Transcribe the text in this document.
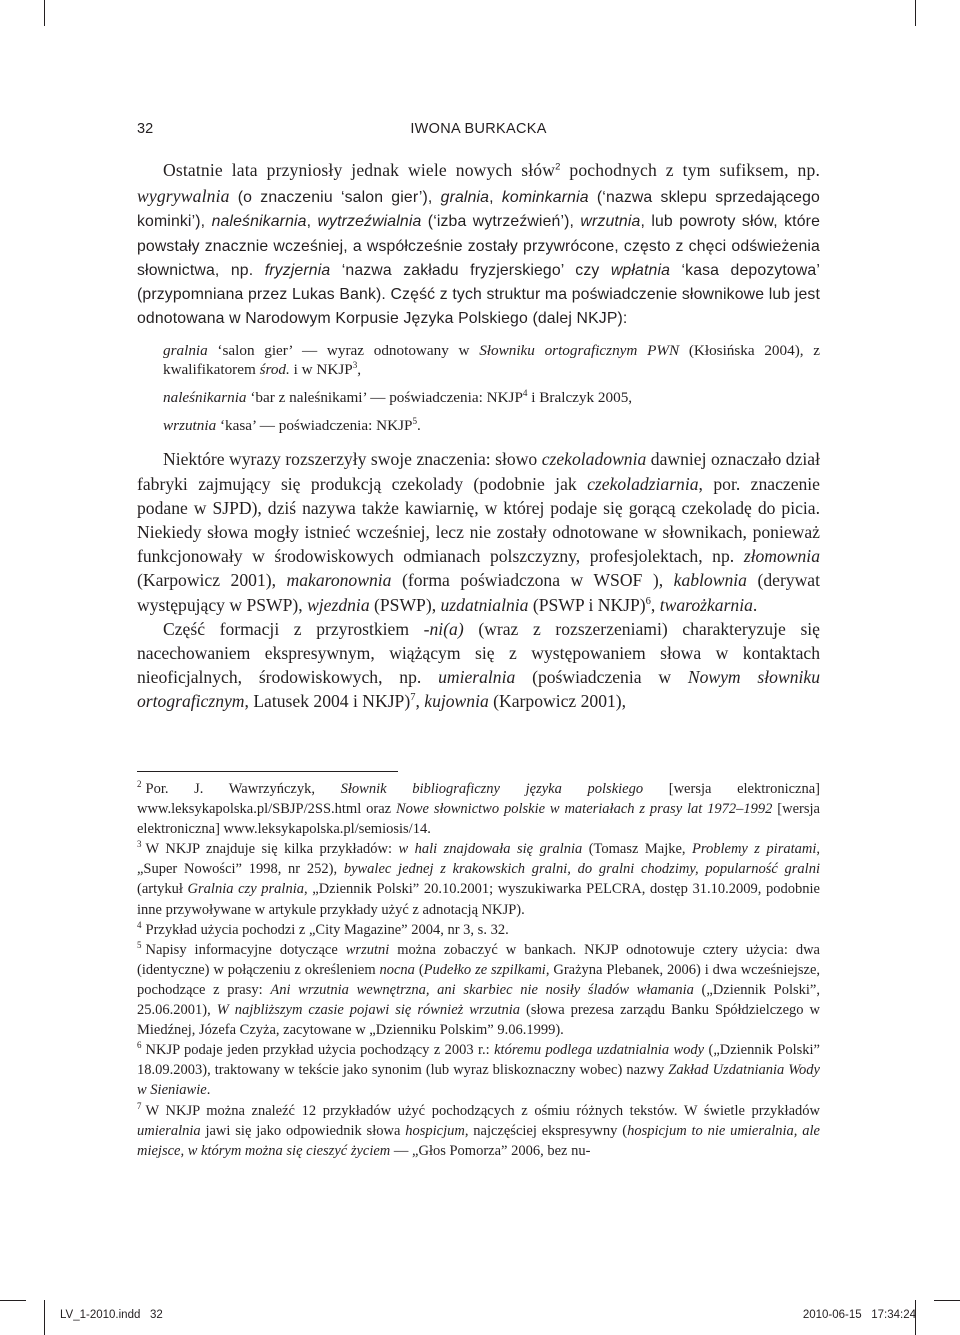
32	IWONA BURKACKA

Ostatnie lata przyniosły jednak wiele nowych słów$^2$ pochodnych z tym sufiksem, np. wygrywalnia (o znaczeniu ‘salon gier’), gralnia, kominkarnia (‘nazwa sklepu sprzedającego kominki’), naleśnikarnia, wytrzeźwialnia (‘izba wytrzeźwień’), wrzutnia, lub powroty słów, które powstały znacznie wcześniej, a współcześnie zostały przywrócone, często z chęci odświeżenia słownictwa, np. fryzjernia ‘nazwa zakładu fryzjerskiego’ czy wpłatnia ‘kasa depozytowa’ (przypomniana przez Lukas Bank). Część z tych struktur ma poświadczenie słownikowe lub jest odnotowana w Narodowym Korpusie Języka Polskiego (dalej NKJP):

gralnia ‘salon gier’ — wyraz odnotowany w Słowniku ortograficznym PWN (Kłosińska 2004), z kwalifikatorem środ. i w NKJP$^3$,

naleśnikarnia ‘bar z naleśnikami’ — poświadczenia: NKJP$^4$ i Bralczyk 2005,

wrzutnia ‘kasa’ — poświadczenia: NKJP$^5$.

Niektóre wyrazy rozszerzyły swoje znaczenia: słowo czekoladownia dawniej oznaczało dział fabryki zajmujący się produkcją czekolady (podobnie jak czekoladziarnia, por. znaczenie podane w SJPD), dziś nazywa także kawiarnię, w której podaje się gorącą czekoladę do picia. Niekiedy słowa mogły istnieć wcześniej, lecz nie zostały odnotowane w słownikach, ponieważ funkcjonowały w środowiskowych odmianach polszczyzny, profesjolektach, np. złomownia (Karpowicz 2001), makaronownia (forma poświadczona w WSOF ), kablownia (derywat występujący w PSWP), wjezdnia (PSWP), uzdatnialnia (PSWP i NKJP)$^6$, twarożkarnia.

Część formacji z przyrostkiem -ni(a) (wraz z rozszerzeniami) charakteryzuje się nacechowaniem ekspresywnym, wiążącym się z występowaniem słowa w kontaktach nieoficjalnych, środowiskowych, np. umieralnia (poświadczenia w Nowym słowniku ortograficznym, Latusek 2004 i NKJP)$^7$, kujownia (Karpowicz 2001),

$^2$ Por. J. Wawrzyńczyk, Słownik bibliograficzny języka polskiego [wersja elektroniczna] www.leksykapolska.pl/SBJP/2SS.html oraz Nowe słownictwo polskie w materiałach z prasy lat 1972–1992 [wersja elektroniczna] www.leksykapolska.pl/semiosis/14.

$^3$ W NKJP znajduje się kilka przykładów: w hali znajdowała się gralnia (Tomasz Majke, Problemy z piratami, „Super Nowości” 1998, nr 252), bywalec jednej z krakowskich gralni, do gralni chodzimy, popularność gralni (artykuł Gralnia czy pralnia, „Dziennik Polski” 20.10.2001; wyszukiwarka PELCRA, dostęp 31.10.2009, podobnie inne przywoływane w artykule przykłady użyć z adnotacją NKJP).

$^4$ Przykład użycia pochodzi z „City Magazine” 2004, nr 3, s. 32.

$^5$ Napisy informacyjne dotyczące wrzutni można zobaczyć w bankach. NKJP odnotowuje cztery użycia: dwa (identyczne) w połączeniu z określeniem nocna (Pudełko ze szpilkami, Grażyna Plebanek, 2006) i dwa wcześniejsze, pochodzące z prasy: Ani wrzutnia wewnętrzna, ani skarbiec nie nosiły śladów włamania („Dziennik Polski”, 25.06.2001), W najbliższym czasie pojawi się również wrzutnia (słowa prezesa zarządu Banku Spółdzielczego w Miedźnej, Józefa Czyża, zacytowane w „Dzienniku Polskim” 9.06.1999).

$^6$ NKJP podaje jeden przykład użycia pochodzący z 2003 r.: któremu podlega uzdatnialnia wody („Dziennik Polski” 18.09.2003), traktowany w tekście jako synonim (lub wyraz bliskoznaczny wobec) nazwy Zakład Uzdatniania Wody w Sieniawie.

$^7$ W NKJP można znaleźć 12 przykładów użyć pochodzących z ośmiu różnych tekstów. W świetle przykładów umieralnia jawi się jako odpowiednik słowa hospicjum, najczęściej ekspresywny (hospicjum to nie umieralnia, ale miejsce, w którym można się cieszyć życiem — „Głos Pomorza” 2006, bez nu-

LV_1-2010.indd   32	2010-06-15   17:34:24
